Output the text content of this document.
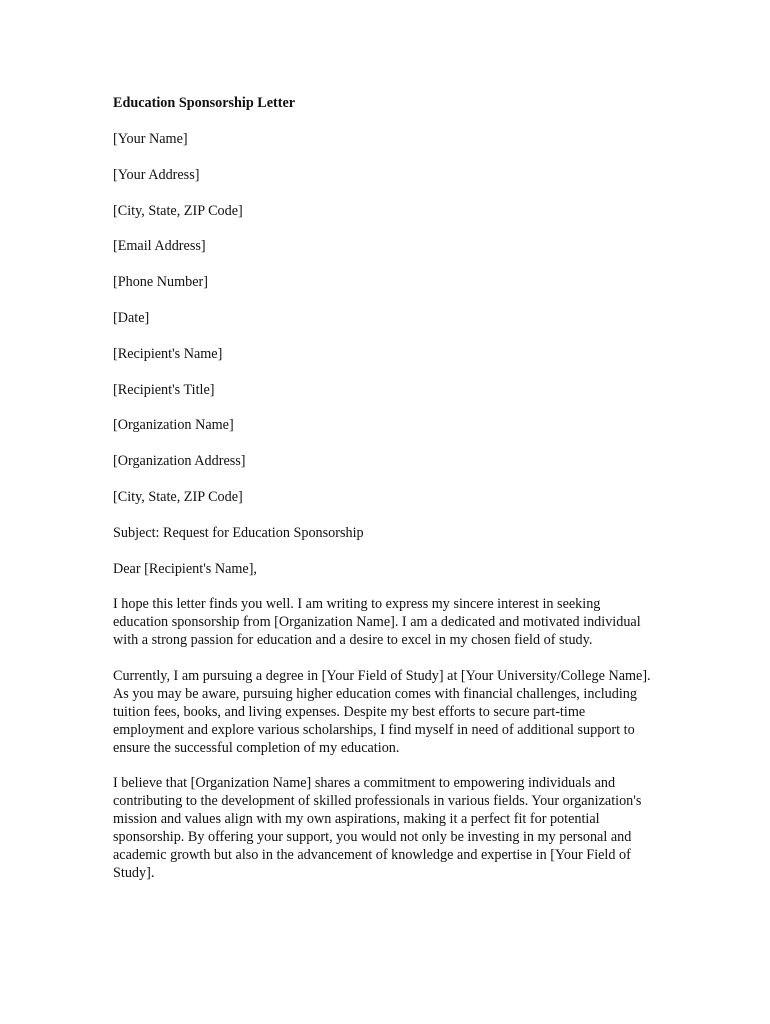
Education Sponsorship Letter
[Your Name]
[Your Address]
[City, State, ZIP Code]
[Email Address]
[Phone Number]
[Date]
[Recipient's Name]
[Recipient's Title]
[Organization Name]
[Organization Address]
[City, State, ZIP Code]
Subject: Request for Education Sponsorship
Dear [Recipient's Name],

I hope this letter finds you well. I am writing to express my sincere interest in seeking education sponsorship from [Organization Name]. I am a dedicated and motivated individual with a strong passion for education and a desire to excel in my chosen field of study.

Currently, I am pursuing a degree in [Your Field of Study] at [Your University/College Name]. As you may be aware, pursuing higher education comes with financial challenges, including tuition fees, books, and living expenses. Despite my best efforts to secure part-time employment and explore various scholarships, I find myself in need of additional support to ensure the successful completion of my education.

I believe that [Organization Name] shares a commitment to empowering individuals and contributing to the development of skilled professionals in various fields. Your organization's mission and values align with my own aspirations, making it a perfect fit for potential sponsorship. By offering your support, you would not only be investing in my personal and academic growth but also in the advancement of knowledge and expertise in [Your Field of Study].
